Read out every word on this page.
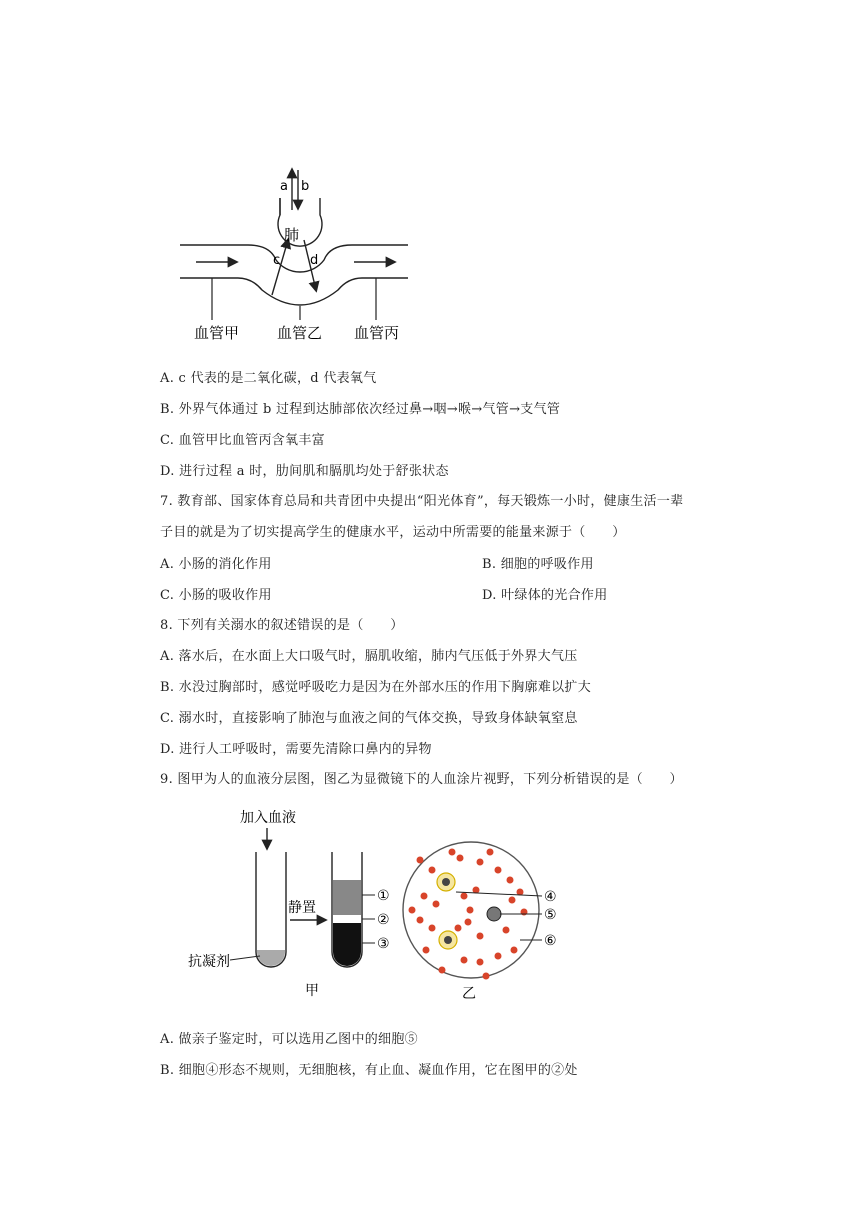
a b
肺
c d
血管甲	血管乙 血管丙
A. c 代表的是二氧化碳，d 代表氧气
B. 外界气体通过 b 过程到达肺部依次经过鼻→咽→喉→气管→支气管
C. 血管甲比血管丙含氧丰富
D. 进行过程 a 时，肋间肌和膈肌均处于舒张状态
7. 教育部、国家体育总局和共青团中央提出“阳光体育”，每天锻炼一小时，健康生活一辈
子目的就是为了切实提高学生的健康水平，运动中所需要的能量来源于（　　）
A. 小肠的消化作用	B. 细胞的呼吸作用
C. 小肠的吸收作用	D. 叶绿体的光合作用
8. 下列有关溺水的叙述错误的是（　　）
A. 落水后，在水面上大口吸气时，膈肌收缩，肺内气压低于外界大气压
B. 水没过胸部时，感觉呼吸吃力是因为在外部水压的作用下胸廓难以扩大
C. 溺水时，直接影响了肺泡与血液之间的气体交换，导致身体缺氧窒息
D. 进行人工呼吸时，需要先清除口鼻内的异物
9. 图甲为人的血液分层图，图乙为显微镜下的人血涂片视野，下列分析错误的是（　　）
加入血液
抗凝剂
静置
①
②
③
甲
④
⑤
⑥
乙
A. 做亲子鉴定时，可以选用乙图中的细胞⑤
B. 细胞④形态不规则，无细胞核，有止血、凝血作用，它在图甲的②处
